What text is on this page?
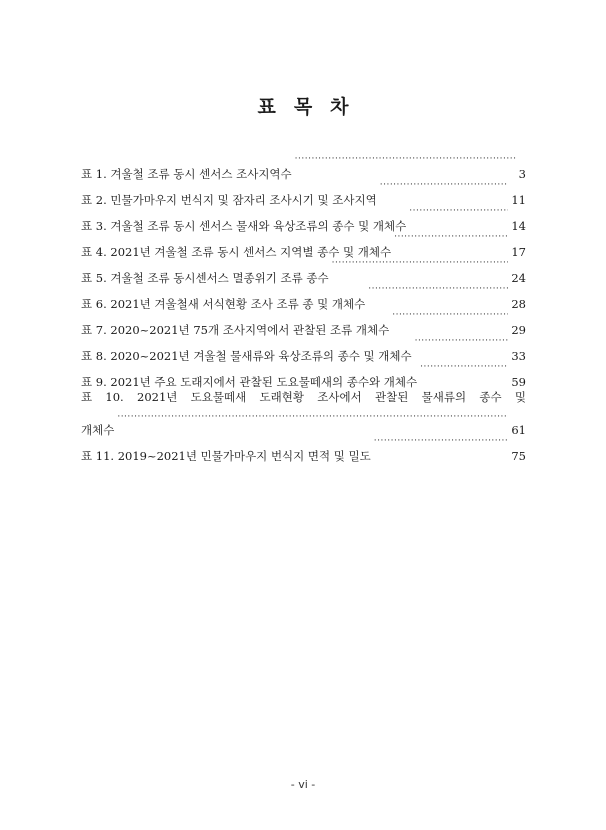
표 목 차
표 1. 겨울철 조류 동시 센서스 조사지역수 ·····	3
표 2. 민물가마우지 번식지 및 잠자리 조사시기 및 조사지역 ·····	11
표 3. 겨울철 조류 동시 센서스 물새와 육상조류의 종수 및 개체수 ·····	14
표 4. 2021년 겨울철 조류 동시 센서스 지역별 종수 및 개체수 ·····	17
표 5. 겨울철 조류 동시센서스 멸종위기 조류 종수 ·····	24
표 6. 2021년 겨울철새 서식현황 조사 조류 종 및 개체수 ·····	28
표 7. 2020~2021년 75개 조사지역에서 관찰된 조류 개체수 ·····	29
표 8. 2020~2021년 겨울철 물새류와 육상조류의 종수 및 개체수 ·····	33
표 9. 2021년 주요 도래지에서 관찰된 도요물떼새의 종수와 개체수 ·····	59
표 10. 2021년 도요물떼새 도래현황 조사에서 관찰된 물새류의 종수 및
개체수 ·····	61
표 11. 2019~2021년 민물가마우지 번식지 면적 및 밀도 ·····	75
- vi -
